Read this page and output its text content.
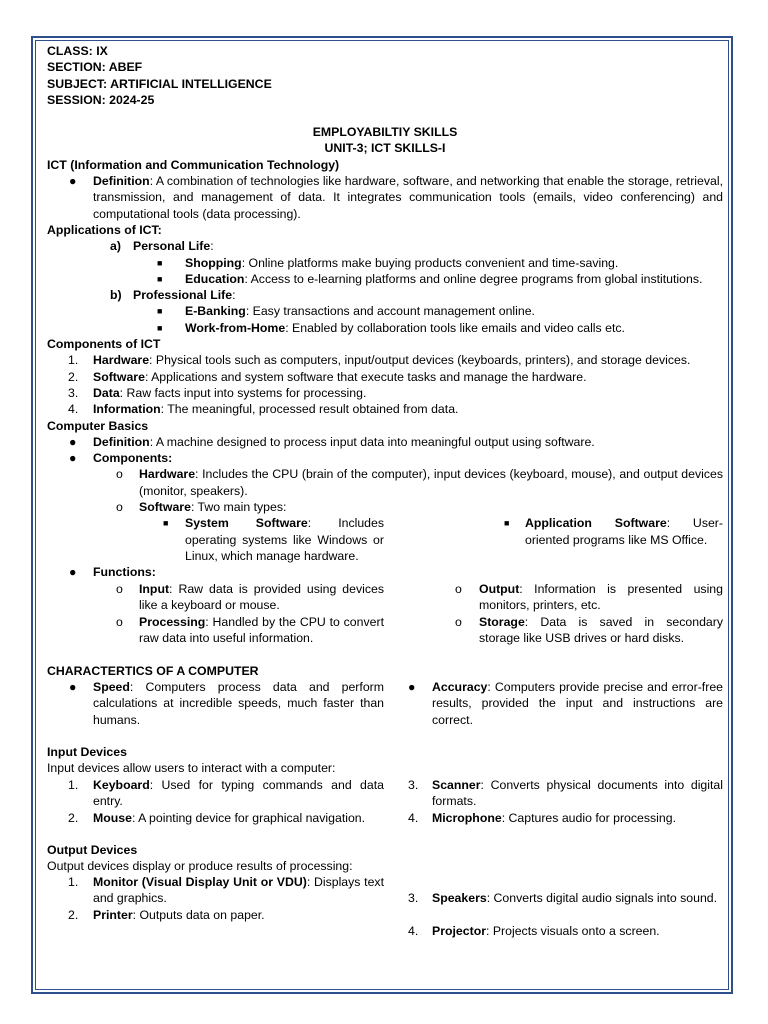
CLASS: IX
SECTION: ABEF
SUBJECT: ARTIFICIAL INTELLIGENCE
SESSION: 2024-25
EMPLOYABILTIY SKILLS
UNIT-3; ICT SKILLS-I
ICT (Information and Communication Technology)
● Definition: A combination of technologies like hardware, software, and networking that enable the storage, retrieval, transmission, and management of data. It integrates communication tools (emails, video conferencing) and computational tools (data processing).
Applications of ICT:
a) Personal Life:
■ Shopping: Online platforms make buying products convenient and time-saving.
■ Education: Access to e-learning platforms and online degree programs from global institutions.
b) Professional Life:
■ E-Banking: Easy transactions and account management online.
■ Work-from-Home: Enabled by collaboration tools like emails and video calls etc.
Components of ICT
1. Hardware: Physical tools such as computers, input/output devices (keyboards, printers), and storage devices.
2. Software: Applications and system software that execute tasks and manage the hardware.
3. Data: Raw facts input into systems for processing.
4. Information: The meaningful, processed result obtained from data.
Computer Basics
● Definition: A machine designed to process input data into meaningful output using software.
● Components:
o Hardware: Includes the CPU (brain of the computer), input devices (keyboard, mouse), and output devices (monitor, speakers).
o Software: Two main types:
■ System Software: Includes operating systems like Windows or Linux, which manage hardware.
■ Application Software: User-oriented programs like MS Office.
● Functions:
o Input: Raw data is provided using devices like a keyboard or mouse.
o Processing: Handled by the CPU to convert raw data into useful information.
o Output: Information is presented using monitors, printers, etc.
o Storage: Data is saved in secondary storage like USB drives or hard disks.
CHARACTERTICS OF A COMPUTER
● Speed: Computers process data and perform calculations at incredible speeds, much faster than humans.
● Accuracy: Computers provide precise and error-free results, provided the input and instructions are correct.
Input Devices
Input devices allow users to interact with a computer:
1. Keyboard: Used for typing commands and data entry.
2. Mouse: A pointing device for graphical navigation.
3. Scanner: Converts physical documents into digital formats.
4. Microphone: Captures audio for processing.
Output Devices
Output devices display or produce results of processing:
1. Monitor (Visual Display Unit or VDU): Displays text and graphics.
2. Printer: Outputs data on paper.
3. Speakers: Converts digital audio signals into sound.
4. Projector: Projects visuals onto a screen.
